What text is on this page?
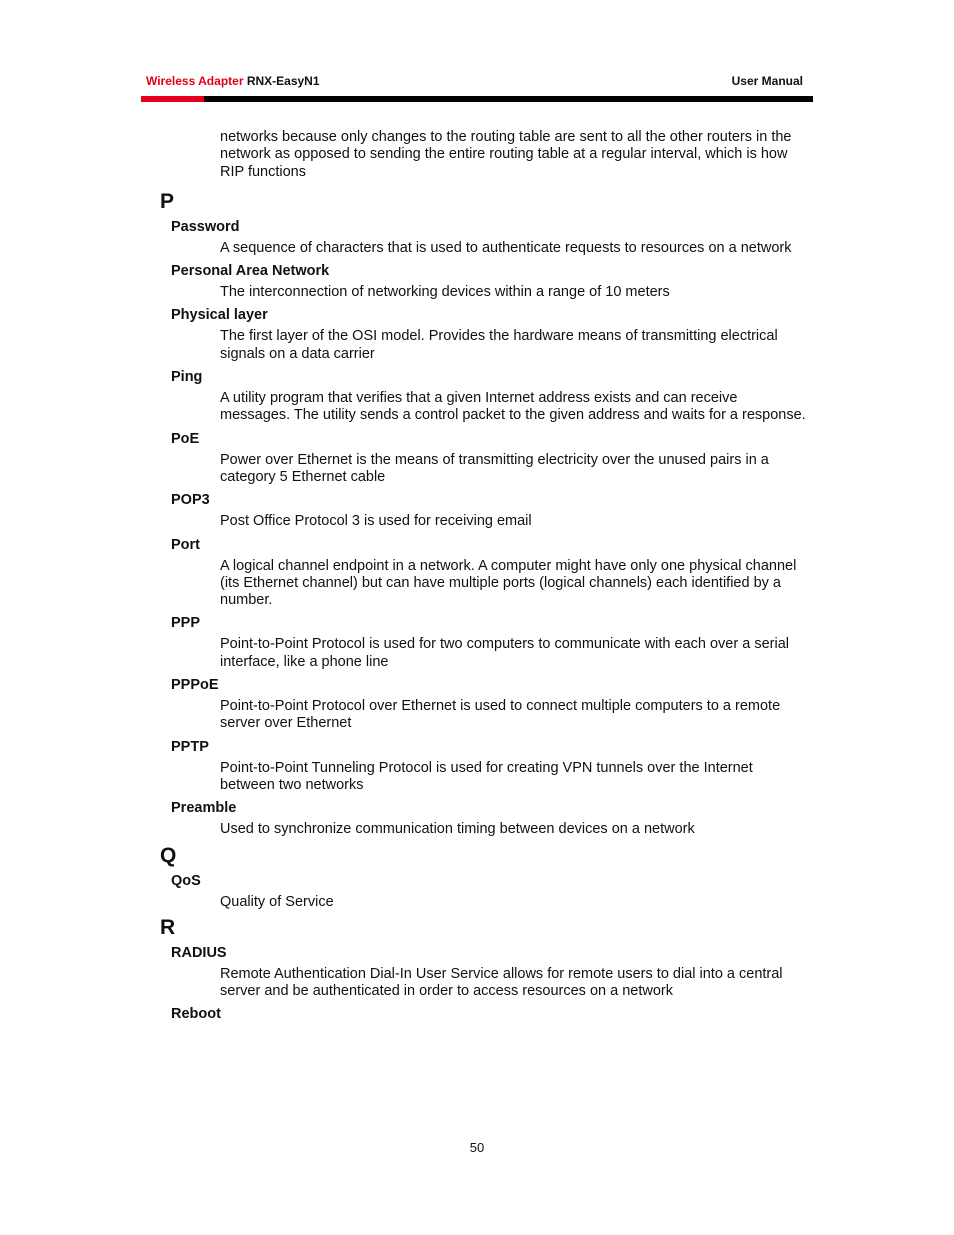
Wireless Adapter RNX-EasyN1	User Manual

networks because only changes to the routing table are sent to all the other routers in the network as opposed to sending the entire routing table at a regular interval, which is how RIP functions

P
Password

A sequence of characters that is used to authenticate requests to resources on a network

Personal Area Network

The interconnection of networking devices within a range of 10 meters

Physical layer

The first layer of the OSI model. Provides the hardware means of transmitting electrical signals on a data carrier

Ping

A utility program that verifies that a given Internet address exists and can receive messages. The utility sends a control packet to the given address and waits for a response.

PoE

Power over Ethernet is the means of transmitting electricity over the unused pairs in a category 5 Ethernet cable

POP3

Post Office Protocol 3 is used for receiving email

Port

A logical channel endpoint in a network. A computer might have only one physical channel (its Ethernet channel) but can have multiple ports (logical channels) each identified by a number.

PPP

Point-to-Point Protocol is used for two computers to communicate with each over a serial interface, like a phone line

PPPoE

Point-to-Point Protocol over Ethernet is used to connect multiple computers to a remote server over Ethernet

PPTP

Point-to-Point Tunneling Protocol is used for creating VPN tunnels over the Internet between two networks

Preamble

Used to synchronize communication timing between devices on a network

Q
QoS

Quality of Service

R
RADIUS

Remote Authentication Dial-In User Service allows for remote users to dial into a central server and be authenticated in order to access resources on a network

Reboot
50
